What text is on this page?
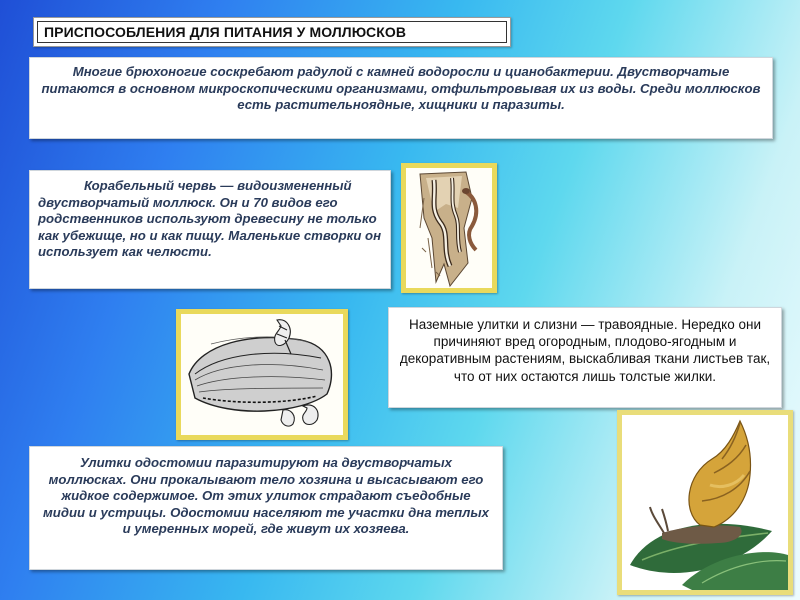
ПРИСПОСОБЛЕНИЯ ДЛЯ ПИТАНИЯ У МОЛЛЮСКОВ

Многие брюхоногие соскребают радулой с камней водоросли и цианобактерии. Двустворчатые питаются в основном микроскопическими организмами, отфильтровывая их из воды. Среди моллюсков есть растительноядные, хищники и паразиты.

Корабельный червь — видоизмененный двустворчатый моллюск. Он и 70 видов его родственников используют древесину не только как убежище, но и как пищу. Маленькие створки он использует как челюсти.

Наземные улитки и слизни — травоядные. Нередко они причиняют вред огородным, плодово-ягодным и декоративным растениям, выскабливая ткани листьев так, что от них остаются лишь толстые жилки.

Улитки одостомии паразитируют на двустворчатых моллюсках. Они прокалывают тело хозяина и высасывают его жидкое содержимое. От этих улиток страдают съедобные мидии и устрицы. Одостомии населяют те участки дна теплых и умеренных морей, где живут их хозяева.
